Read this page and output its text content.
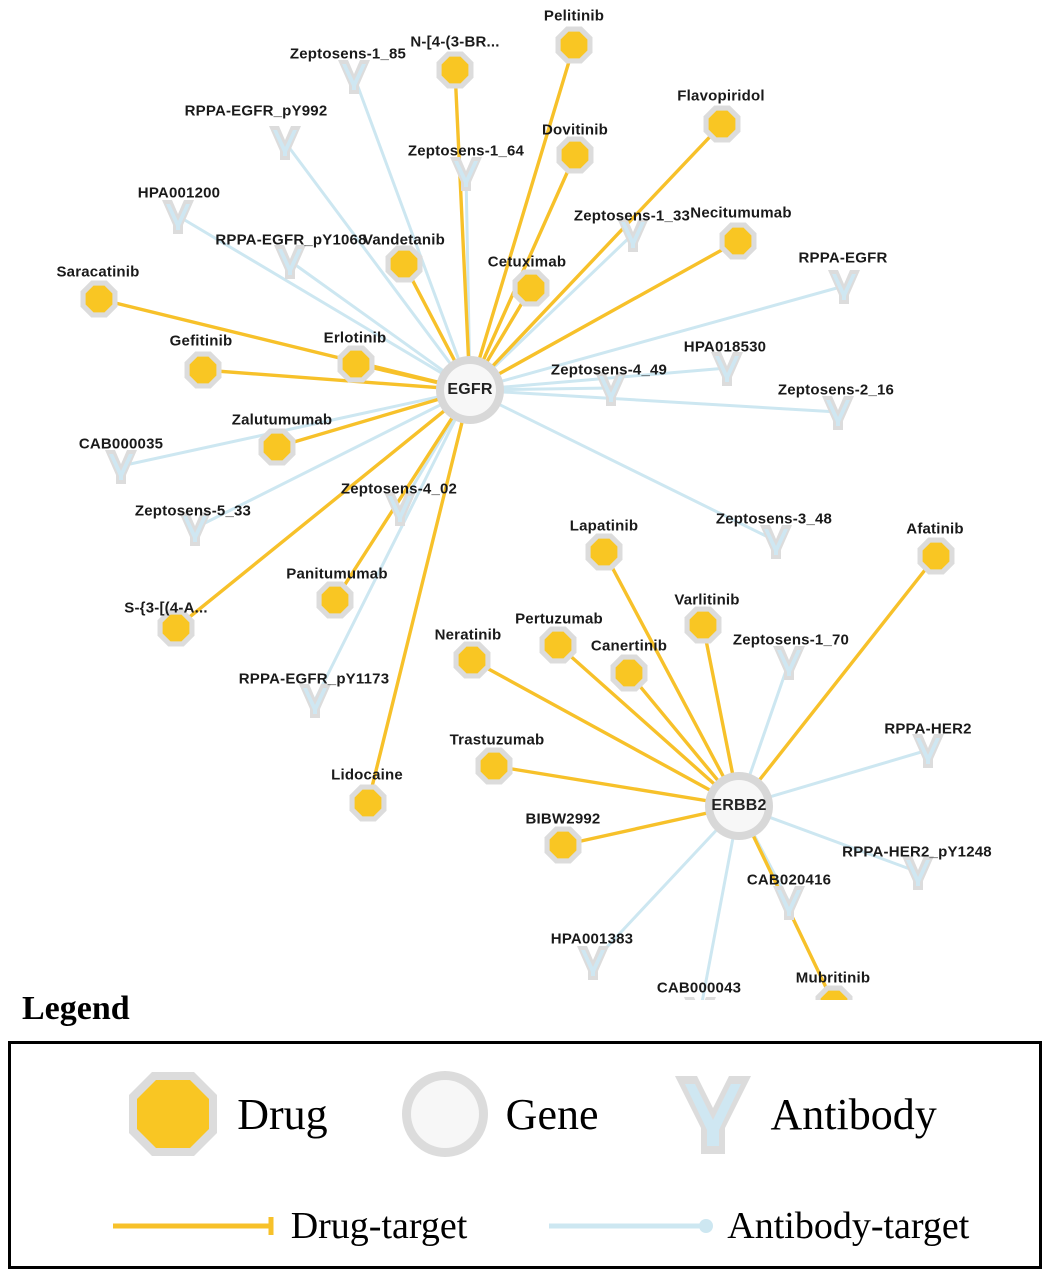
Pelitinib
N-[4-(3-BR...
Flavopiridol
Dovitinib
Necitumumab
Vandetanib
Cetuximab
Saracatinib
Erlotinib
Gefitinib
Zalutumumab
Lapatinib	Afatinib
Panitumumab
Varlitinib
S-{3-[(4-A...
Pertuzumab
Neratinib
Canertinib
Trastuzumab
Lidocaine
BIBW2992
Mubritinib
Zeptosens-1_85
RPPA-EGFR_pY992
Zeptosens-1_64
HPA001200
Zeptosens-1_33
RPPA-EGFR_pY1068
RPPA-EGFR
HPA018530
Zeptosens-4_49
Zeptosens-2_16
CAB000035
Zeptosens-4_02
Zeptosens-5_33	Zeptosens-3_48
Zeptosens-1_70
RPPA-EGFR_pY1173
RPPA-HER2
RPPA-HER2_pY1248
CAB020416
HPA001383
CAB000043
EGFR
ERBB2
Legend
Drug	Gene	Antibody
Drug-target	Antibody-target
